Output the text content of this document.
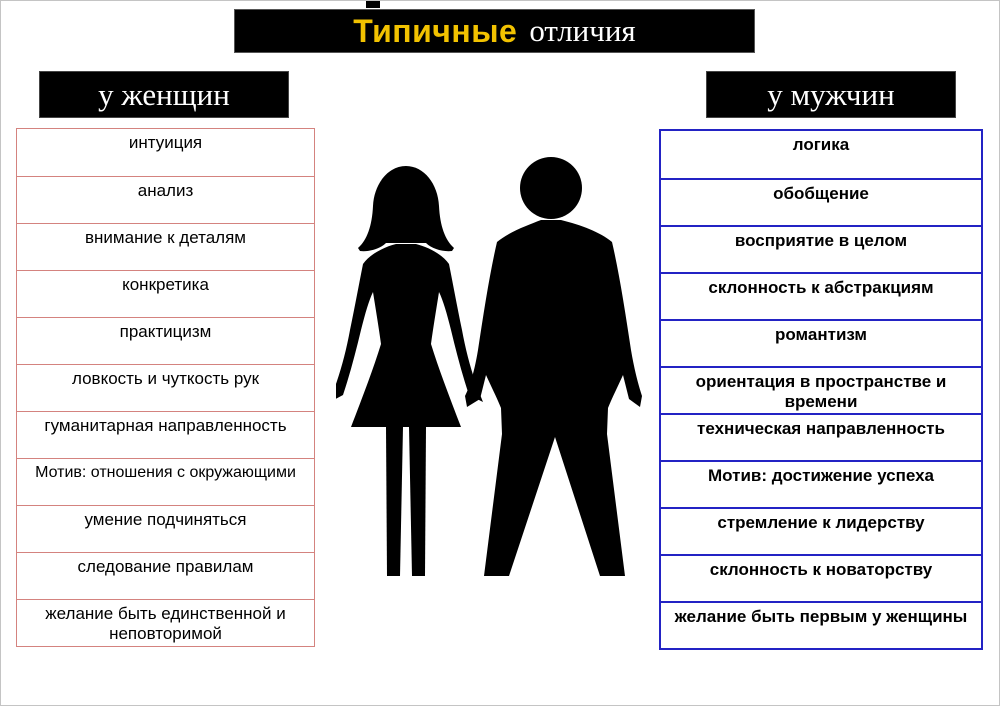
Типичные отличия
у женщин	у мужчин
интуиция
анализ
внимание к деталям
конкретика
практицизм
ловкость и чуткость рук
гуманитарная направленность
Мотив: отношения с окружающими
умение подчиняться
следование правилам
желание быть единственной и неповторимой
логика
обобщение
восприятие в целом
склонность к абстракциям
романтизм
ориентация в пространстве и времени
техническая направленность
Мотив: достижение успеха
стремление к лидерству
склонность к новаторству
желание быть первым у женщины
